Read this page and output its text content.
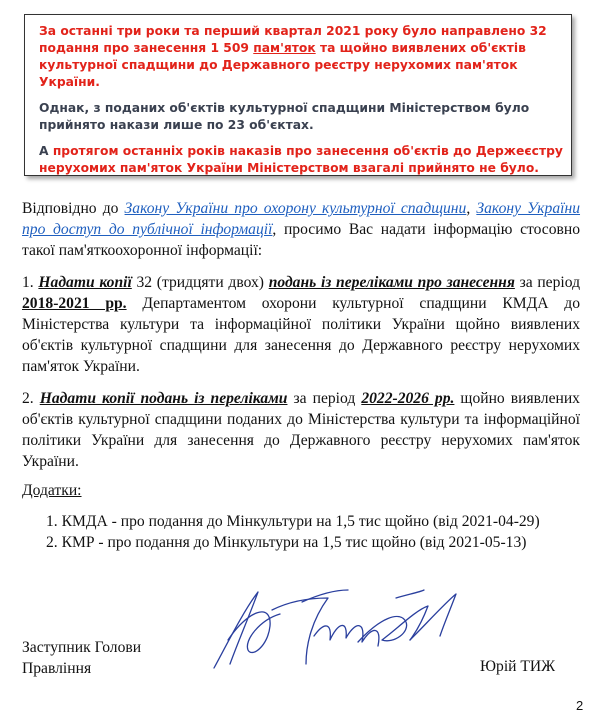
За останні три роки та перший квартал 2021 року було направлено 32 подання про занесення 1 509 пам'яток та щойно виявлених об'єктів культурної спадщини до Державного реєстру нерухомих пам'яток України.

Однак, з поданих об'єктів культурної спадщини Міністерством було прийнято накази лише по 23 об'єктах.

А протягом останніх років наказів про занесення об'єктів до Держеєстру нерухомих пам'яток України Міністерством взагалі прийнято не було.

Відповідно до Закону України про охорону культурної спадщини, Закону України про доступ до публічної інформації, просимо Вас надати інформацію стосовно такої пам'яткоохоронної інформації:

1. Надати копії 32 (тридцяти двох) подань із переліками про занесення за період 2018-2021 рр. Департаментом охорони культурної спадщини КМДА до Міністерства культури та інформаційної політики України щойно виявлених об'єктів культурної спадщини для занесення до Державного реєстру нерухомих пам'яток України.

2. Надати копії подань із переліками за період 2022-2026 рр. щойно виявлених об'єктів культурної спадщини поданих до Міністерства культури та інформаційної політики України для занесення до Державного реєстру нерухомих пам'яток України.

Додатки:
1. КМДА - про подання до Мінкультури на 1,5 тис щойно (від 2021-04-29)
2. КМР - про подання до Мінкультури на 1,5 тис щойно (від 2021-05-13)
Заступник Голови
Правління	Юрій ТИЖ
2
